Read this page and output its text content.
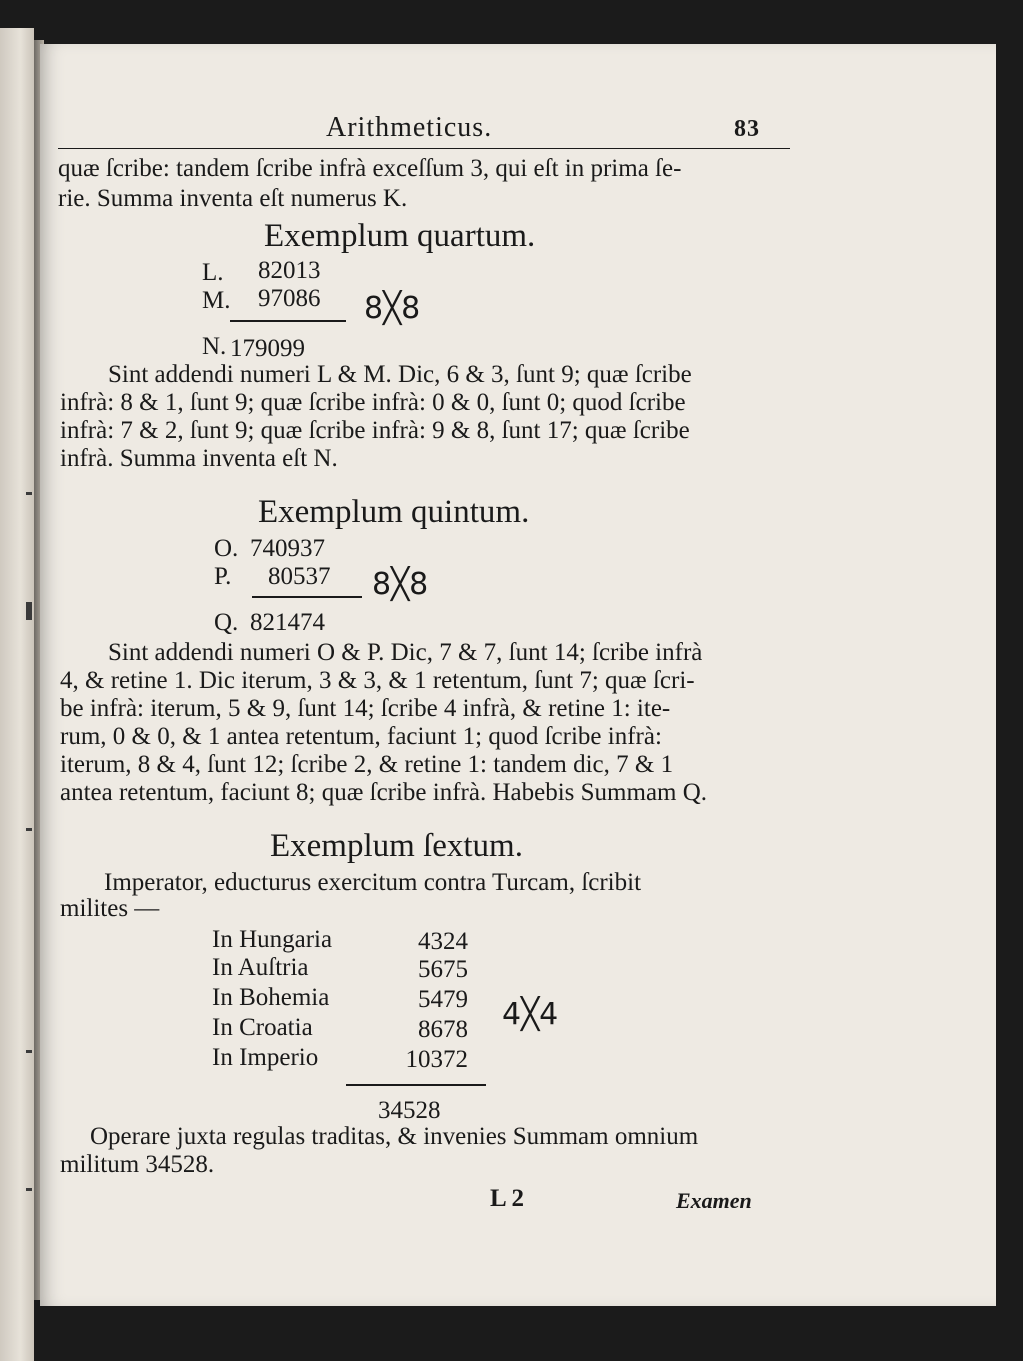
Arithmeticus.	83
quæ ſcribe: tandem ſcribe infrà exceſſum 3, qui eſt in prima ſe-
rie. Summa inventa eſt numerus K.
Exemplum quartum.
L. 82013
M. 97086 8╳8
N. 179099
Sint addendi numeri L & M. Dic, 6 & 3, ſunt 9; quæ ſcribe
infrà: 8 & 1, ſunt 9; quæ ſcribe infrà: 0 & 0, ſunt 0; quod ſcribe
infrà: 7 & 2, ſunt 9; quæ ſcribe infrà: 9 & 8, ſunt 17; quæ ſcribe
infrà. Summa inventa eſt N.
Exemplum quintum.
O. 740937
P. 80537 8╳8
Q. 821474
Sint addendi numeri O & P. Dic, 7 & 7, ſunt 14; ſcribe infrà
4, & retine 1. Dic iterum, 3 & 3, & 1 retentum, ſunt 7; quæ ſcri-
be infrà: iterum, 5 & 9, ſunt 14; ſcribe 4 infrà, & retine 1: ite-
rum, 0 & 0, & 1 antea retentum, faciunt 1; quod ſcribe infrà:
iterum, 8 & 4, ſunt 12; ſcribe 2, & retine 1: tandem dic, 7 & 1
antea retentum, faciunt 8; quæ ſcribe infrà. Habebis Summam Q.
Exemplum ſextum.
Imperator, educturus exercitum contra Turcam, ſcribit
milites —
In Hungaria	4324
In Auſtria	5675
In Bohemia	5479 4╳4
In Croatia	8678
In Imperio	10372
34528
Operare juxta regulas traditas, & invenies Summam omnium
militum 34528.
L 2	Examen
